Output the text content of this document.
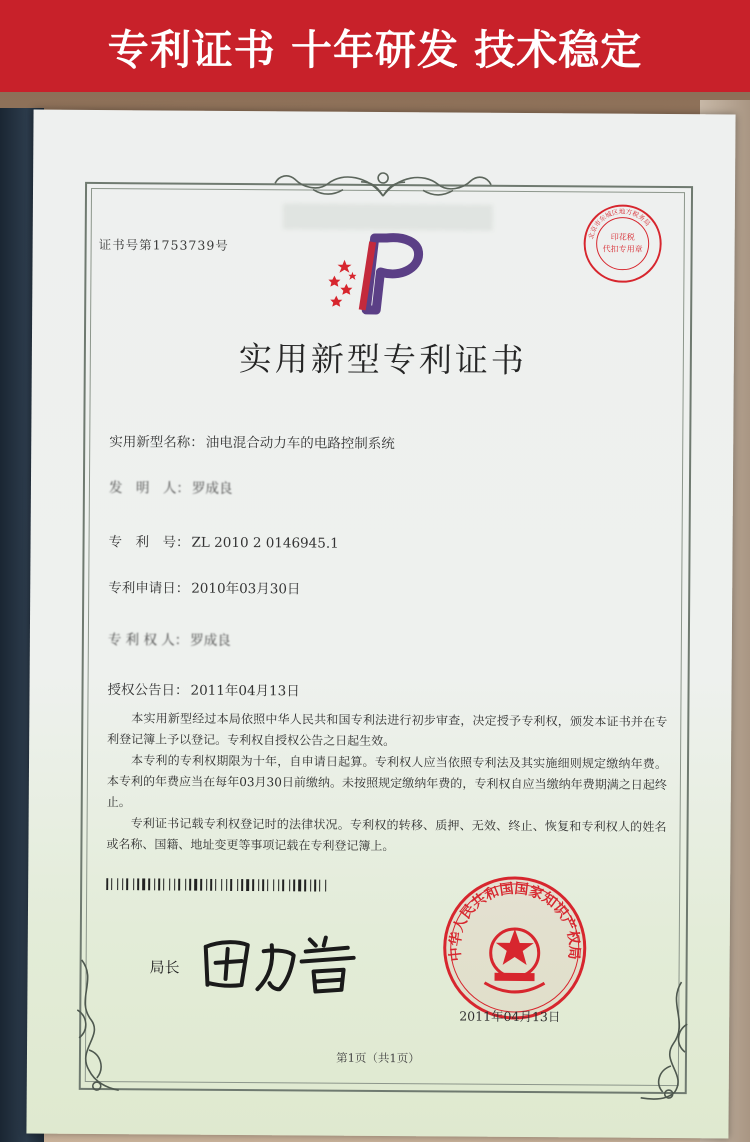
专利证书 十年研发 技术稳定
证书号第1753739号	印花税
代扣专用章
北京市东城区地方税务局
实用新型专利证书
实用新型名称： 油电混合动力车的电路控制系统
发　明　人： 罗成良
专　利　号： ZL 2010 2 0146945.1
专利申请日： 2010年03月30日
专 利 权 人： 罗成良
授权公告日： 2011年04月13日

本实用新型经过本局依照中华人民共和国专利法进行初步审查，决定授予专利权，颁发本证书并在专利登记簿上予以登记。专利权自授权公告之日起生效。

本专利的专利权期限为十年，自申请日起算。专利权人应当依照专利法及其实施细则规定缴纳年费。本专利的年费应当在每年03月30日前缴纳。未按照规定缴纳年费的，专利权自应当缴纳年费期满之日起终止。

专利证书记载专利权登记时的法律状况。专利权的转移、质押、无效、终止、恢复和专利权人的姓名或名称、国籍、地址变更等事项记载在专利登记簿上。

中华人民共和国国家知识产权局
局长
2011年04月13日
第1页（共1页）
